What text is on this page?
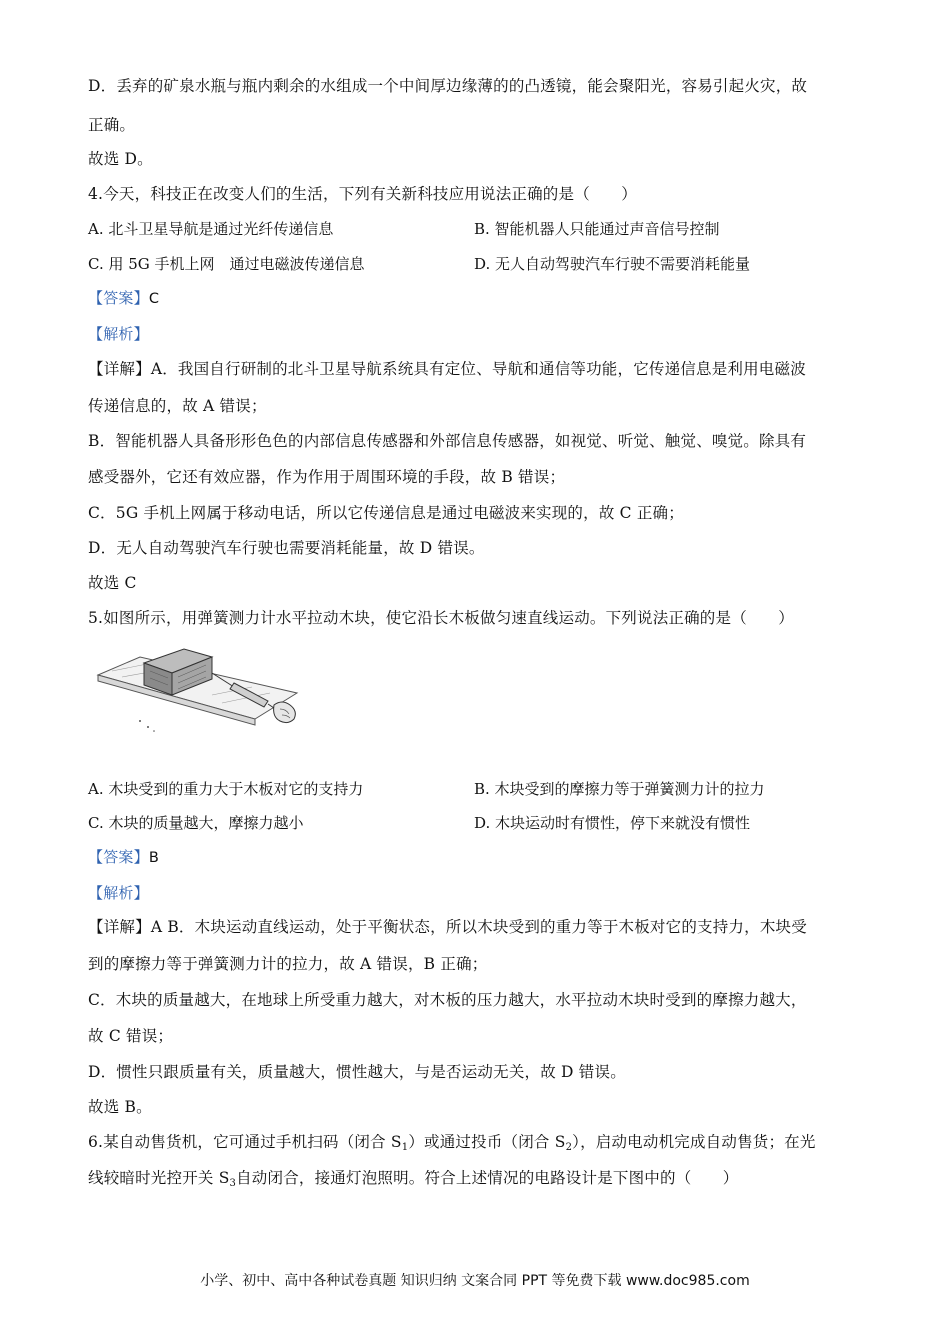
D．丢弃的矿泉水瓶与瓶内剩余的水组成一个中间厚边缘薄的的凸透镜，能会聚阳光，容易引起火灾，故
正确。
故选 D。
4.今天，科技正在改变人们的生活，下列有关新科技应用说法正确的是（　　）
A. 北斗卫星导航是通过光纤传递信息	B. 智能机器人只能通过声音信号控制
C. 用 5G 手机上网　通过电磁波传递信息	D. 无人自动驾驶汽车行驶不需要消耗能量
【答案】C
【解析】
【详解】A．我国自行研制的北斗卫星导航系统具有定位、导航和通信等功能，它传递信息是利用电磁波
传递信息的，故 A 错误；
B．智能机器人具备形形色色的内部信息传感器和外部信息传感器，如视觉、听觉、触觉、嗅觉。除具有
感受器外，它还有效应器，作为作用于周围环境的手段，故 B 错误；
C．5G 手机上网属于移动电话，所以它传递信息是通过电磁波来实现的，故 C 正确；
D．无人自动驾驶汽车行驶也需要消耗能量，故 D 错误。
故选 C
5.如图所示，用弹簧测力计水平拉动木块，使它沿长木板做匀速直线运动。下列说法正确的是（　　）
A. 木块受到的重力大于木板对它的支持力	B. 木块受到的摩擦力等于弹簧测力计的拉力
C. 木块的质量越大，摩擦力越小	D. 木块运动时有惯性，停下来就没有惯性
【答案】B
【解析】
【详解】A B．木块运动直线运动，处于平衡状态，所以木块受到的重力等于木板对它的支持力，木块受
到的摩擦力等于弹簧测力计的拉力，故 A 错误，B 正确；
C．木块的质量越大，在地球上所受重力越大，对木板的压力越大，水平拉动木块时受到的摩擦力越大，
故 C 错误；
D．惯性只跟质量有关，质量越大，惯性越大，与是否运动无关，故 D 错误。
故选 B。
6.某自动售货机，它可通过手机扫码（闭合 $S_1$）或通过投币（闭合 $S_2$），启动电动机完成自动售货；在光
线较暗时光控开关 $S_3$自动闭合，接通灯泡照明。符合上述情况的电路设计是下图中的（　　）
小学、初中、高中各种试卷真题 知识归纳 文案合同 PPT 等免费下载 www.doc985.com
